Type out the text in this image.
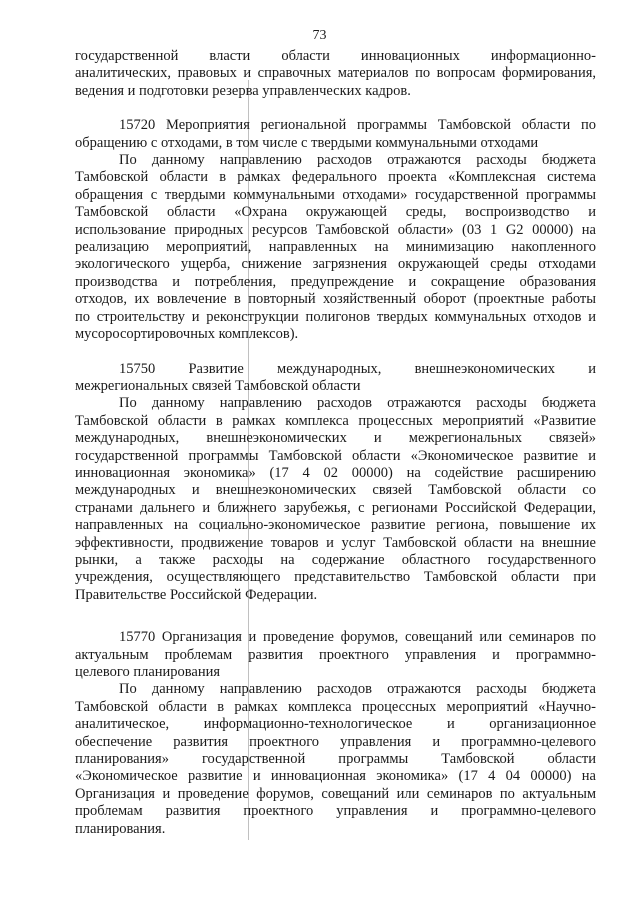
73

государственной власти области инновационных информационно-

аналитических, правовых и справочных материалов по вопросам формирования,

ведения и подготовки резерва управленческих кадров.

15720 Мероприятия региональной программы Тамбовской области по

обращению с отходами, в том числе с твердыми коммунальными отходами

По данному направлению расходов отражаются расходы бюджета

Тамбовской области в рамках федерального проекта «Комплексная система

обращения с твердыми коммунальными отходами» государственной программы

Тамбовской области «Охрана окружающей среды, воспроизводство и

использование природных ресурсов Тамбовской области» (03 1 G2 00000) на

реализацию мероприятий, направленных на минимизацию накопленного

экологического ущерба, снижение загрязнения окружающей среды отходами

производства и потребления, предупреждение и сокращение образования

отходов, их вовлечение в повторный хозяйственный оборот (проектные работы

по строительству и реконструкции полигонов твердых коммунальных отходов и

мусоросортировочных комплексов).

15750 Развитие международных, внешнеэкономических и

межрегиональных связей Тамбовской области

По данному направлению расходов отражаются расходы бюджета

Тамбовской области в рамках комплекса процессных мероприятий «Развитие

международных, внешнеэкономических и межрегиональных связей»

государственной программы Тамбовской области «Экономическое развитие и

инновационная экономика» (17 4 02 00000) на содействие расширению

международных и внешнеэкономических связей Тамбовской области со

странами дальнего и ближнего зарубежья, с регионами Российской Федерации,

направленных на социально-экономическое развитие региона, повышение их

эффективности, продвижение товаров и услуг Тамбовской области на внешние

рынки, а также расходы на содержание областного государственного

учреждения, осуществляющего представительство Тамбовской области при

Правительстве Российской Федерации.

15770 Организация и проведение форумов, совещаний или семинаров по

актуальным проблемам развития проектного управления и программно-

целевого планирования

По данному направлению расходов отражаются расходы бюджета

Тамбовской области в рамках комплекса процессных мероприятий «Научно-

аналитическое, информационно-технологическое и организационное

обеспечение развития проектного управления и программно-целевого

планирования» государственной программы Тамбовской области

«Экономическое развитие и инновационная экономика» (17 4 04 00000) на

Организация и проведение форумов, совещаний или семинаров по актуальным

проблемам развития проектного управления и программно-целевого

планирования.
